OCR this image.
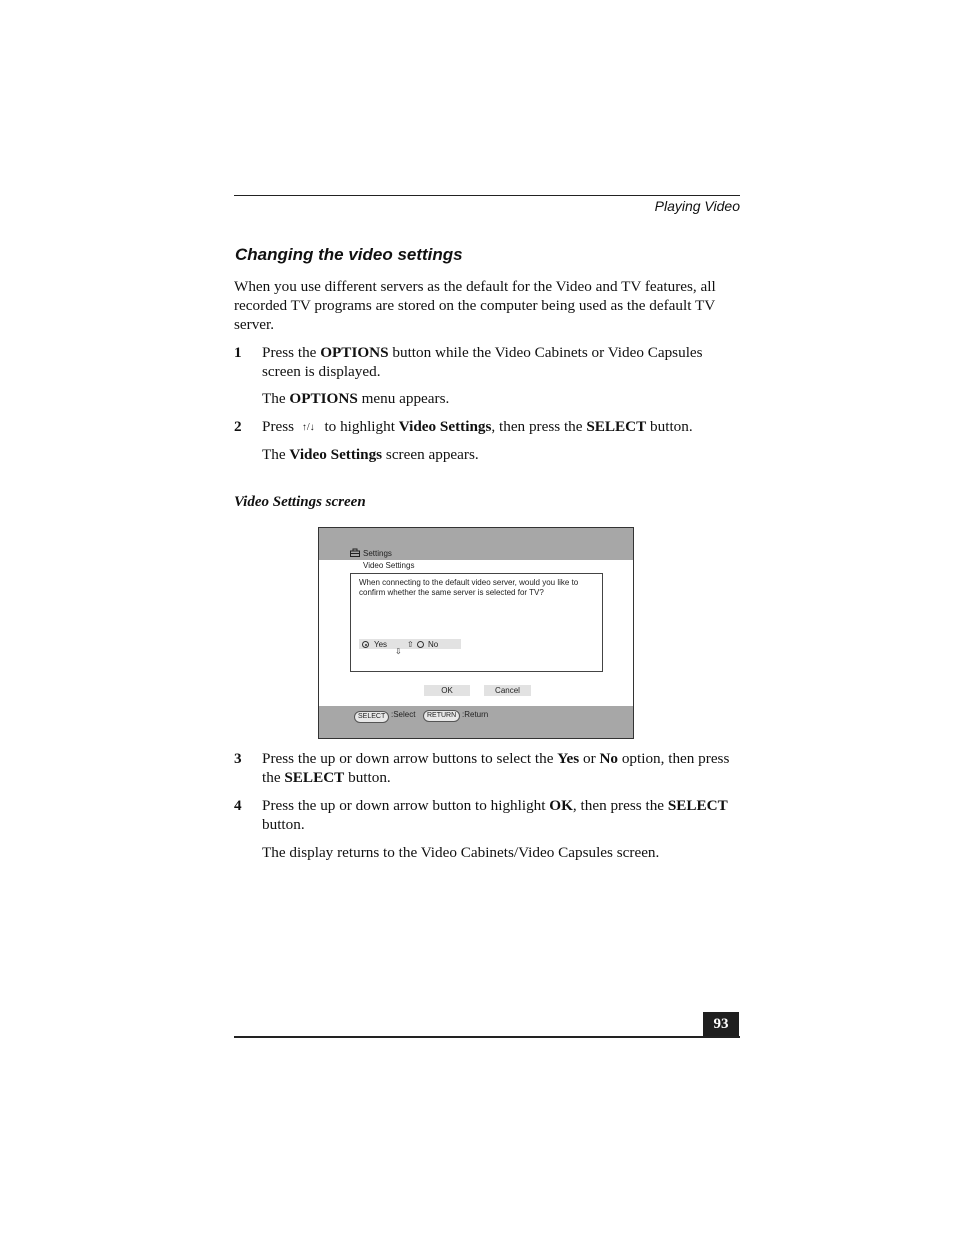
Playing Video
Changing the video settings
When you use different servers as the default for the Video and TV features, all recorded TV programs are stored on the computer being used as the default TV server.
1 Press the OPTIONS button while the Video Cabinets or Video Capsules screen is displayed.
The OPTIONS menu appears.
2 Press ↑/↓ to highlight Video Settings, then press the SELECT button.
The Video Settings screen appears.
Video Settings screen
Settings
Video Settings
When connecting to the default video server, would you like to confirm whether the same server is selected for TV?
Yes ⇧ No
⇩
OK	Cancel
SELECT :Select	RETURN :Return
3 Press the up or down arrow buttons to select the Yes or No option, then press the SELECT button.
4 Press the up or down arrow button to highlight OK, then press the SELECT button.
The display returns to the Video Cabinets/Video Capsules screen.
93
